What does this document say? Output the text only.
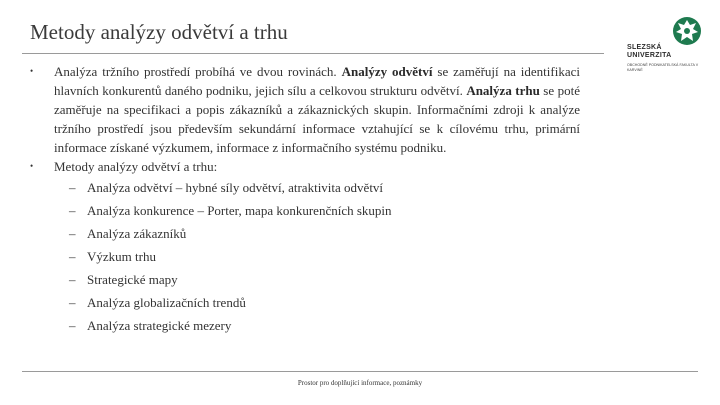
Metody analýzy odvětví a trhu
SLEZSKÁ
UNIVERZITA
OBCHODNĚ PODNIKATELSKÁ FAKULTA V KARVINÉ
• Analýza tržního prostředí probíhá ve dvou rovinách. Analýzy odvětví se zaměřují na identifikaci hlavních konkurentů daného podniku, jejich sílu a celkovou strukturu odvětví. Analýza trhu se poté zaměřuje na specifikaci a popis zákazníků a zákaznických skupin. Informačními zdroji k analýze tržního prostředí jsou především sekundární informace vztahující se k cílovému trhu, primární informace získané výzkumem, informace z informačního systému podniku.
• Metody analýzy odvětví a trhu:
– Analýza odvětví – hybné síly odvětví, atraktivita odvětví
– Analýza konkurence – Porter, mapa konkurenčních skupin
– Analýza zákazníků
– Výzkum trhu
– Strategické mapy
– Analýza globalizačních trendů
– Analýza strategické mezery
Prostor pro doplňující informace, poznámky
